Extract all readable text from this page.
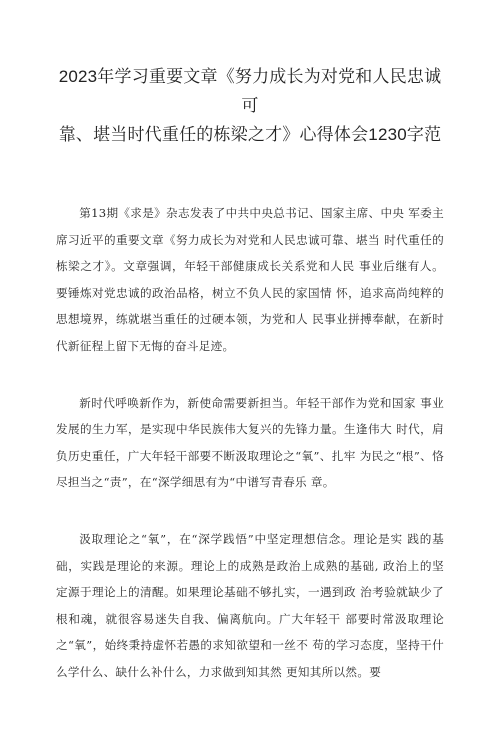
2023年学习重要文章《努力成长为对党和人民忠诚可
靠、堪当时代重任的栋梁之才》心得体会1230字范

第13期《求是》杂志发表了中共中央总书记、国家主席、中央 军委主席习近平的重要文章《努力成长为对党和人民忠诚可靠、堪当 时代重任的栋梁之才》。文章强调，年轻干部健康成长关系党和人民 事业后继有人。要锤炼对党忠诚的政治品格，树立不负人民的家国情 怀，追求高尚纯粹的思想境界，练就堪当重任的过硬本领，为党和人 民事业拼搏奉献，在新时代新征程上留下无悔的奋斗足迹。

新时代呼唤新作为，新使命需要新担当。年轻干部作为党和国家 事业发展的生力军，是实现中华民族伟大复兴的先锋力量。生逢伟大 时代，肩负历史重任，广大年轻干部要不断汲取理论之“氧”、扎牢 为民之“根”、恪尽担当之“责”，在“深学细思有为“中谱写青春乐 章。

汲取理论之“氧”，在“深学践悟”中坚定理想信念。理论是实 践的基础，实践是理论的来源。理论上的成熟是政治上成熟的基础, 政治上的坚定源于理论上的清醒。如果理论基础不够扎实，一遇到政 治考验就缺少了根和魂，就很容易迷失自我、偏离航向。广大年轻干 部要时常汲取理论之“氧”，始终秉持虚怀若愚的求知欲望和一丝不 苟的学习态度，坚持干什么学什么、缺什么补什么，力求做到知其然 更知其所以然。要
